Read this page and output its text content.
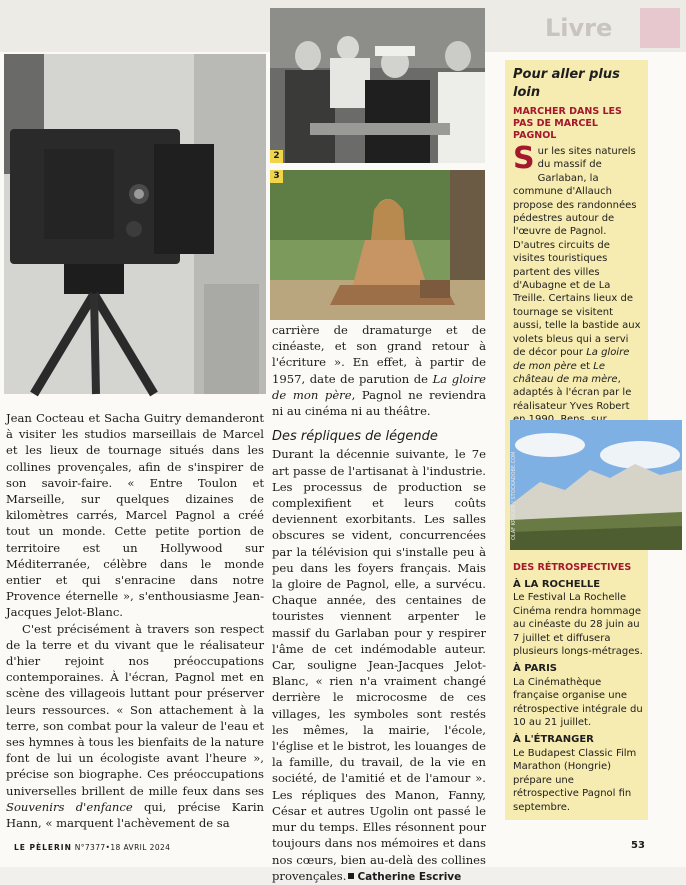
Livre
2
3

Jean Cocteau et Sacha Guitry demanderont à visiter les studios marseillais de Marcel et les lieux de tournage situés dans les collines provençales, afin de s'inspirer de son savoir-faire. « Entre Toulon et Marseille, sur quelques dizaines de kilomètres carrés, Marcel Pagnol a créé tout un monde. Cette petite portion de territoire est un Hollywood sur Méditerranée, célèbre dans le monde entier et qui s'enracine dans notre Provence éternelle », s'enthousiasme Jean-Jacques Jelot-Blanc.

C'est précisément à travers son respect de la terre et du vivant que le réalisateur d'hier rejoint nos préoccupations contemporaines. À l'écran, Pagnol met en scène des villageois luttant pour préserver leurs ressources. « Son attachement à la terre, son combat pour la valeur de l'eau et ses hymnes à tous les bienfaits de la nature font de lui un écologiste avant l'heure », précise son biographe. Ces préoccupations universelles brillent de mille feux dans ses Souvenirs d'enfance qui, précise Karin Hann, « marquent l'achèvement de sa

carrière de dramaturge et de cinéaste, et son grand retour à l'écriture ». En effet, à partir de 1957, date de parution de La gloire de mon père, Pagnol ne reviendra ni au cinéma ni au théâtre.

Des répliques de légende

Durant la décennie suivante, le 7e art passe de l'artisanat à l'industrie. Les processus de production se complexifient et leurs coûts deviennent exorbitants. Les salles obscures se vident, concurrencées par la télévision qui s'installe peu à peu dans les foyers français. Mais la gloire de Pagnol, elle, a survécu. Chaque année, des centaines de touristes viennent arpenter le massif du Garlaban pour y respirer l'âme de cet indémodable auteur. Car, souligne Jean-Jacques Jelot-Blanc, « rien n'a vraiment changé derrière le microcosme de ces villages, les symboles sont restés les mêmes, la mairie, l'école, l'église et le bistrot, les louanges de la famille, du travail, de la vie en société, de l'amitié et de l'amour ». Les répliques des Manon, Fanny, César et autres Ugolin ont passé le mur du temps. Elles résonnent pour toujours dans nos mémoires et dans nos cœurs, bien au-delà des collines provençales. Catherine Escrive

Pour aller plus loin
MARCHER DANS LES PAS DE MARCEL PAGNOL
Sur les sites naturels du massif de Garlaban, la commune d'Allauch propose des randonnées pédestres autour de l'œuvre de Pagnol. D'autres circuits de visites touristiques partent des villes d'Aubagne et de La Treille. Certains lieux de tournage se visitent aussi, telle la bastide aux volets bleus qui a servi de décor pour La gloire de mon père et Le château de ma mère, adaptés à l'écran par le réalisateur Yves Robert
OLAF KRÜGER / STOCKADOBE.COM
DES RÉTROSPECTIVES
À LA ROCHELLE
Le Festival La Rochelle Cinéma rendra hommage au cinéaste du 28 juin au 7 juillet et diffusera plusieurs longs-métrages.
À PARIS
La Cinémathèque française organise une rétrospective intégrale du 10 au 21 juillet.
À L'ÉTRANGER
Le Budapest Classic Film Marathon (Hongrie) prépare une rétrospective Pagnol fin septembre.
LE PÈLERIN N°7377•18 AVRIL 2024	53
